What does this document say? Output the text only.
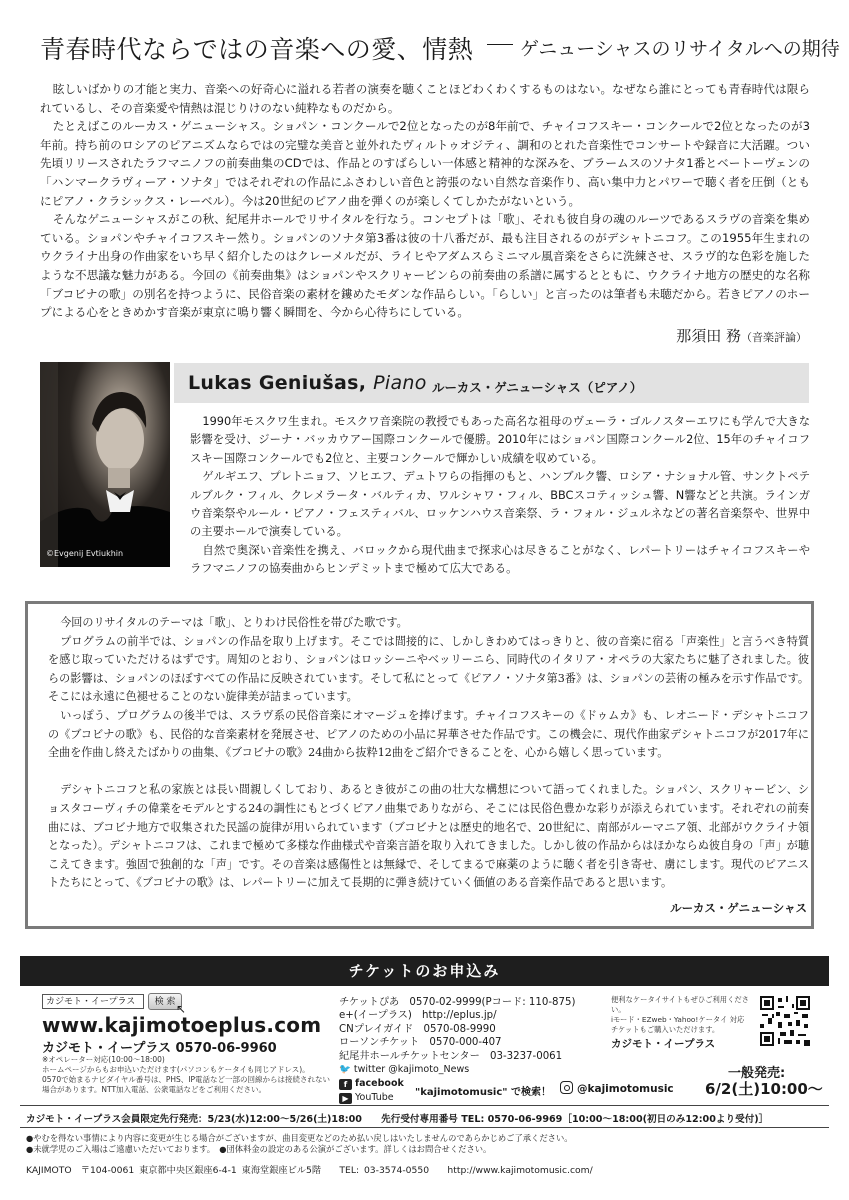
青春時代ならではの音楽への愛、情熱 ゲニューシャスのリサイタルへの期待

眩しいばかりの才能と実力、音楽への好奇心に溢れる若者の演奏を聴くことほどわくわくするものはない。なぜなら誰にとっても青春時代は限られているし、その音楽愛や情熱は混じりけのない純粋なものだから。

たとえばこのルーカス・ゲニューシャス。ショパン・コンクールで2位となったのが8年前で、チャイコフスキー・コンクールで2位となったのが3年前。持ち前のロシアのピアニズムならではの完璧な美音と並外れたヴィルトゥオジティ、調和のとれた音楽性でコンサートや録音に大活躍。つい先頃リリースされたラフマニノフの前奏曲集のCDでは、作品とのすばらしい一体感と精神的な深みを、ブラームスのソナタ1番とベートーヴェンの「ハンマークラヴィーア・ソナタ」ではそれぞれの作品にふさわしい音色と誇張のない自然な音楽作り、高い集中力とパワーで聴く者を圧倒（ともにピアノ・クラシックス・レーベル）。今は20世紀のピアノ曲を弾くのが楽しくてしかたがないという。

そんなゲニューシャスがこの秋、紀尾井ホールでリサイタルを行なう。コンセプトは「歌」、それも彼自身の魂のルーツであるスラヴの音楽を集めている。ショパンやチャイコフスキー然り。ショパンのソナタ第3番は彼の十八番だが、最も注目されるのがデシャトニコフ。この1955年生まれのウクライナ出身の作曲家をいち早く紹介したのはクレーメルだが、ライヒやアダムスらミニマル風音楽をさらに洗練させ、スラヴ的な色彩を施したような不思議な魅力がある。今回の《前奏曲集》はショパンやスクリャービンらの前奏曲の系譜に属するとともに、ウクライナ地方の歴史的な名称「ブコビナの歌」の別名を持つように、民俗音楽の素材を鏤めたモダンな作品らしい。「らしい」と言ったのは筆者も未聴だから。若きピアノのホープによる心をときめかす音楽が東京に鳴り響く瞬間を、今から心待ちにしている。

那須田 務（音楽評論）
©Evgenij Evtiukhin
Lukas Geniušas, Piano ルーカス・ゲニューシャス（ピアノ）

1990年モスクワ生まれ。モスクワ音楽院の教授でもあった高名な祖母のヴェーラ・ゴルノスターエワにも学んで大きな影響を受け、ジーナ・バッカウアー国際コンクールで優勝。2010年にはショパン国際コンクール2位、15年のチャイコフスキー国際コンクールでも2位と、主要コンクールで輝かしい成績を収めている。

ゲルギエフ、プレトニョフ、ソヒエフ、デュトワらの指揮のもと、ハンブルク響、ロシア・ナショナル管、サンクトペテルブルク・フィル、クレメラータ・バルティカ、ワルシャワ・フィル、BBCスコティッシュ響、N響などと共演。ラインガウ音楽祭やルール・ピアノ・フェスティバル、ロッケンハウス音楽祭、ラ・フォル・ジュルネなどの著名音楽祭や、世界中の主要ホールで演奏している。

自然で奥深い音楽性を携え、バロックから現代曲まで探求心は尽きることがなく、レパートリーはチャイコフスキーやラフマニノフの協奏曲からヒンデミットまで極めて広大である。

今回のリサイタルのテーマは「歌」、とりわけ民俗性を帯びた歌です。

プログラムの前半では、ショパンの作品を取り上げます。そこでは間接的に、しかしきわめてはっきりと、彼の音楽に宿る「声楽性」と言うべき特質を感じ取っていただけるはずです。周知のとおり、ショパンはロッシーニやベッリーニら、同時代のイタリア・オペラの大家たちに魅了されました。彼らの影響は、ショパンのほぼすべての作品に反映されています。そして私にとって《ピアノ・ソナタ第3番》は、ショパンの芸術の極みを示す作品です。そこには永遠に色褪せることのない旋律美が詰まっています。

いっぽう、プログラムの後半では、スラヴ系の民俗音楽にオマージュを捧げます。チャイコフスキーの《ドゥムカ》も、レオニード・デシャトニコフの《ブコビナの歌》も、民俗的な音楽素材を発展させ、ピアノのための小品に昇華させた作品です。この機会に、現代作曲家デシャトニコフが2017年に全曲を作曲し終えたばかりの曲集、《ブコビナの歌》24曲から抜粋12曲をご紹介できることを、心から嬉しく思っています。

デシャトニコフと私の家族とは長い間親しくしており、あるとき彼がこの曲の壮大な構想について語ってくれました。ショパン、スクリャービン、ショスタコーヴィチの偉業をモデルとする24の調性にもとづくピアノ曲集でありながら、そこには民俗色豊かな彩りが添えられています。それぞれの前奏曲には、ブコビナ地方で収集された民謡の旋律が用いられています（ブコビナとは歴史的地名で、20世紀に、南部がルーマニア領、北部がウクライナ領となった）。デシャトニコフは、これまで極めて多様な作曲様式や音楽言語を取り入れてきました。しかし彼の作品からはほかならぬ彼自身の「声」が聴こえてきます。強固で独創的な「声」です。その音楽は感傷性とは無縁で、そしてまるで麻薬のように聴く者を引き寄せ、虜にします。現代のピアニストたちにとって、《ブコビナの歌》は、レパートリーに加えて長期的に弾き続けていく価値のある音楽作品であると思います。

ルーカス・ゲニューシャス
チケットのお申込み
カジモト・イープラス	検 索 ↖
www.kajimotoeplus.com
カジモト・イープラス 0570-06-9960
※オペレーター対応(10:00〜18:00)
ホームページからもお申込いただけます(パソコンもケータイも同じアドレス)。
0570で始まるナビダイヤル番号は、PHS、IP電話など一部の回線からは接続されない
場合があります。NTT加入電話、公衆電話などをご利用ください。
チケットぴあ　0570-02-9999(Pコード: 110-875)
e+(イープラス)　http://eplus.jp/
CNプレイガイド　0570-08-9990
ローソンチケット　0570-000-407
紀尾井ホールチケットセンター　03-3237-0061
便利なケータイサイトもぜひご利用ください。
iモード・EZweb・Yahoo!ケータイ 対応
チケットもご購入いただけます。
カジモト・イープラス
🐦 twitter @kajimoto_News
f facebook
▶ YouTube "kajimotomusic" で検索！	@kajimotomusic
一般発売:
6/2(土)10:00〜
カジモト・イープラス会員限定先行発売：5/23(水)12:00〜5/26(土)18:00　　先行受付専用番号 TEL: 0570-06-9969［10:00〜18:00(初日のみ12:00より受付)］
●やむを得ない事情により内容に変更が生じる場合がございますが、曲目変更などのため払い戻しはいたしませんのであらかじめご了承ください。
●未就学児のご入場はご遠慮いただいております。　●団体料金の設定のある公演がございます。詳しくはお問合せください。
KAJIMOTO　〒104-0061 東京都中央区銀座6-4-1 東海堂銀座ビル5階　　TEL: 03-3574-0550　　http://www.kajimotomusic.com/
